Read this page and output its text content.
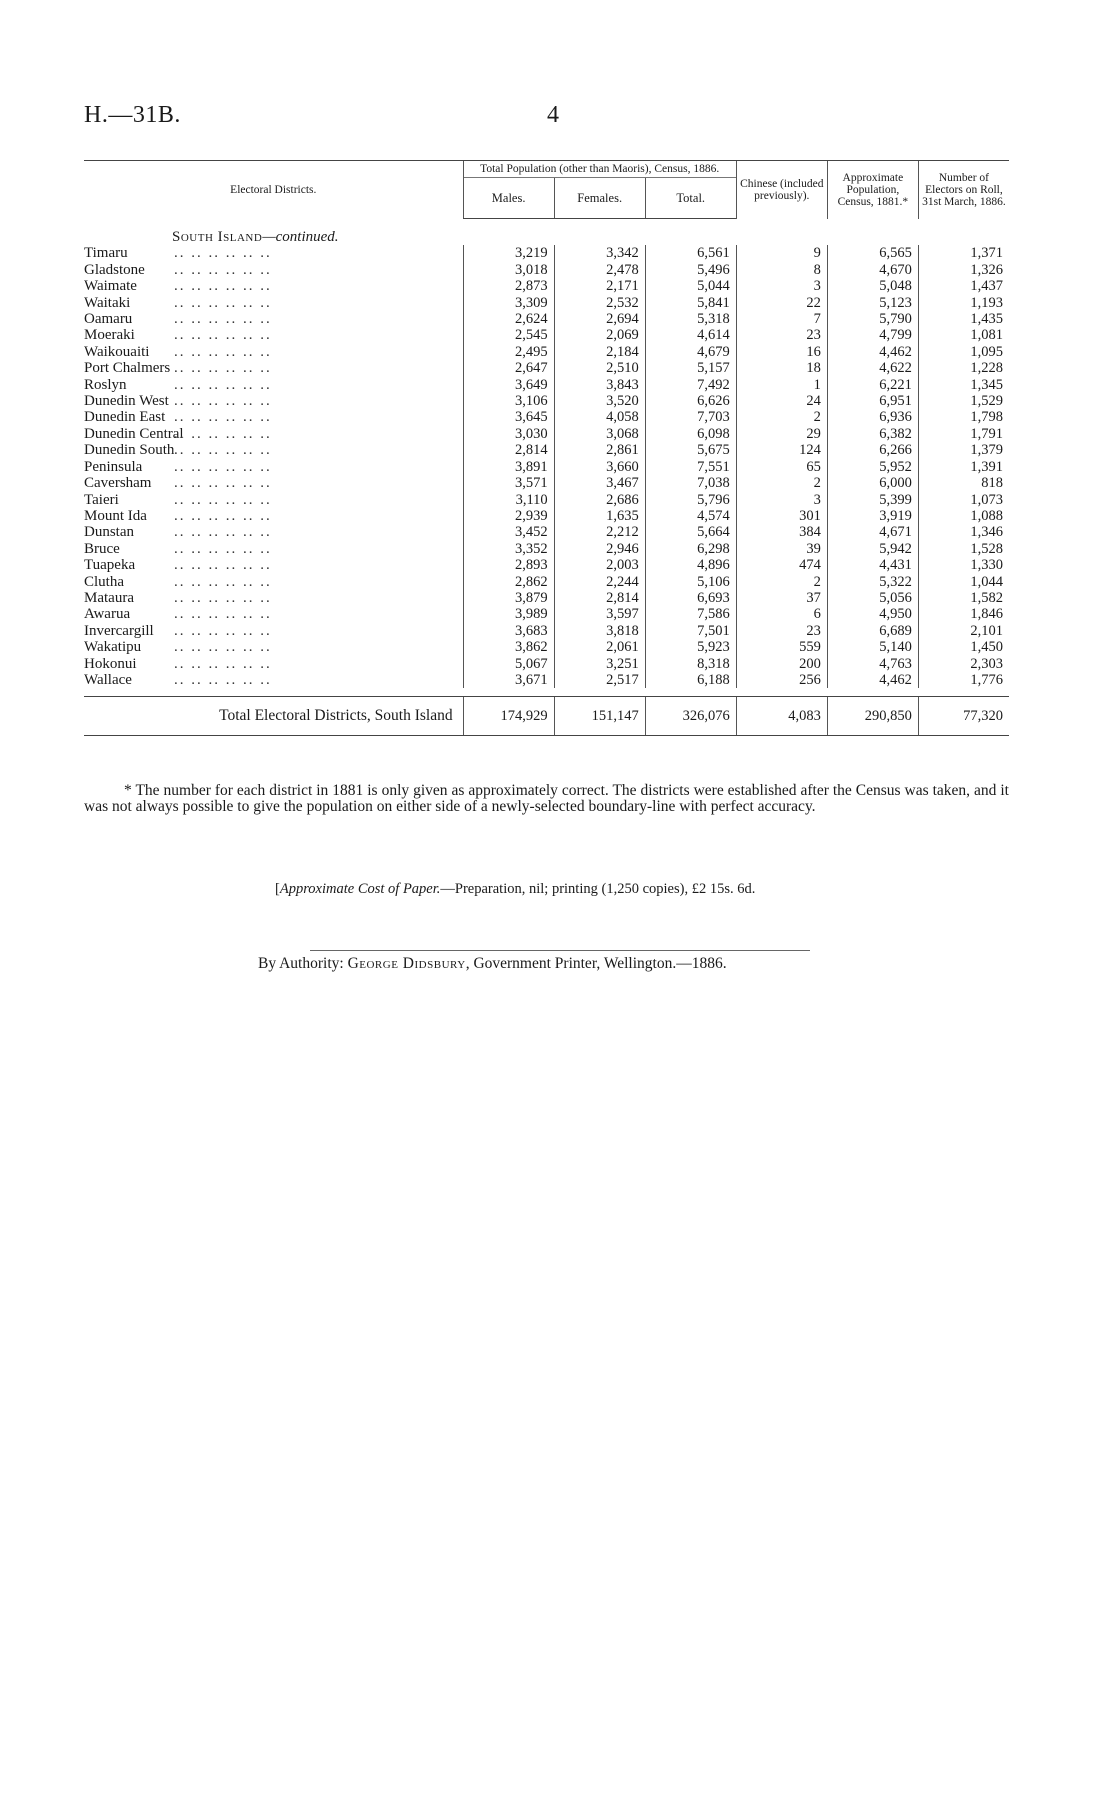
H.—31B.	4
Electoral Districts.	Total Population (other than Maoris), Census, 1886.			Chinese (included previously).	Approximate Population, Census, 1881.*	Number of Electors on Roll, 31st March, 1886.
	Males.	Females.	Total.			
South Island—continued.						
Timaru .. .. .. .. .. ..	3,219	3,342	6,561	9	6,565	1,371
Gladstone .. .. .. .. .. ..	3,018	2,478	5,496	8	4,670	1,326
Waimate .. .. .. .. .. ..	2,873	2,171	5,044	3	5,048	1,437
Waitaki .. .. .. .. .. ..	3,309	2,532	5,841	22	5,123	1,193
Oamaru .. .. .. .. .. ..	2,624	2,694	5,318	7	5,790	1,435
Moeraki .. .. .. .. .. ..	2,545	2,069	4,614	23	4,799	1,081
Waikouaiti .. .. .. .. .. ..	2,495	2,184	4,679	16	4,462	1,095
Port Chalmers .. .. .. .. .. ..	2,647	2,510	5,157	18	4,622	1,228
Roslyn .. .. .. .. .. ..	3,649	3,843	7,492	1	6,221	1,345
Dunedin West .. .. .. .. .. ..	3,106	3,520	6,626	24	6,951	1,529
Dunedin East .. .. .. .. .. ..	3,645	4,058	7,703	2	6,936	1,798
Dunedin Central.. .. .. .. .. ..	3,030	3,068	6,098	29	6,382	1,791
Dunedin South.. .. .. .. .. ..	2,814	2,861	5,675	124	6,266	1,379
Peninsula .. .. .. .. .. ..	3,891	3,660	7,551	65	5,952	1,391
Caversham .. .. .. .. .. ..	3,571	3,467	7,038	2	6,000	818
Taieri .. .. .. .. .. ..	3,110	2,686	5,796	3	5,399	1,073
Mount Ida .. .. .. .. .. ..	2,939	1,635	4,574	301	3,919	1,088
Dunstan .. .. .. .. .. ..	3,452	2,212	5,664	384	4,671	1,346
Bruce .. .. .. .. .. ..	3,352	2,946	6,298	39	5,942	1,528
Tuapeka .. .. .. .. .. ..	2,893	2,003	4,896	474	4,431	1,330
Clutha .. .. .. .. .. ..	2,862	2,244	5,106	2	5,322	1,044
Mataura .. .. .. .. .. ..	3,879	2,814	6,693	37	5,056	1,582
Awarua .. .. .. .. .. ..	3,989	3,597	7,586	6	4,950	1,846
Invercargill .. .. .. .. .. ..	3,683	3,818	7,501	23	6,689	2,101
Wakatipu .. .. .. .. .. ..	3,862	2,061	5,923	559	5,140	1,450
Hokonui .. .. .. .. .. ..	5,067	3,251	8,318	200	4,763	2,303
Wallace .. .. .. .. .. ..	3,671	2,517	6,188	256	4,462	1,776

Total Electoral Districts, South Island	174,929	151,147	326,076	4,083	290,850	77,320
* The number for each district in 1881 is only given as approximately correct. The districts were established after the Census was taken, and it was not always possible to give the population on either side of a newly-selected boundary-line with perfect accuracy.
[Approximate Cost of Paper.—Preparation, nil; printing (1,250 copies), £2 15s. 6d.
By Authority: George Didsbury, Government Printer, Wellington.—1886.
